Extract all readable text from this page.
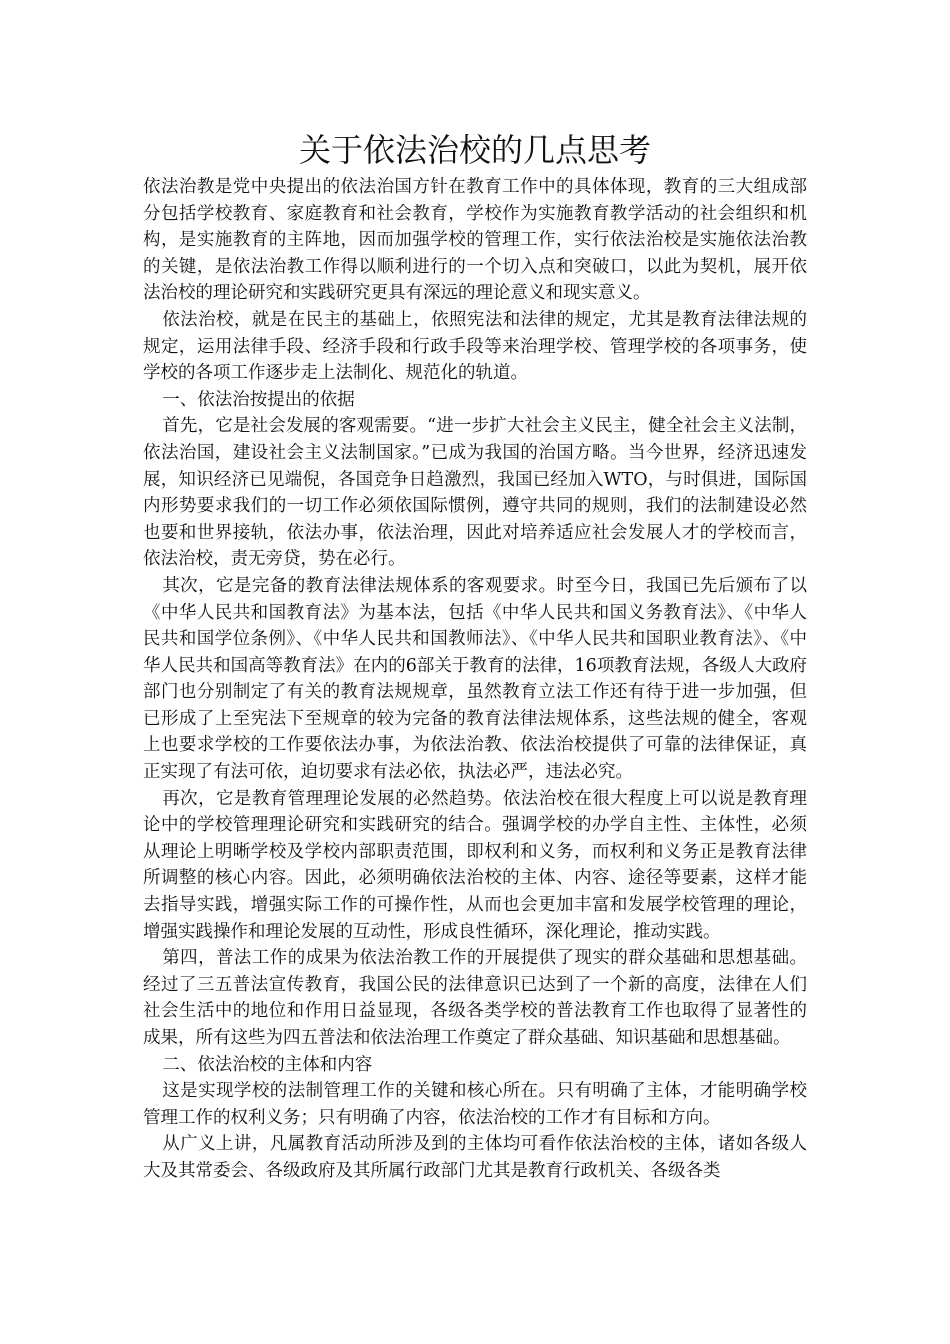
关于依法治校的几点思考

依法治教是党中央提出的依法治国方针在教育工作中的具体体现，教育的三大组成部分包括学校教育、家庭教育和社会教育，学校作为实施教育教学活动的社会组织和机构，是实施教育的主阵地，因而加强学校的管理工作，实行依法治校是实施依法治教的关键，是依法治教工作得以顺利进行的一个切入点和突破口，以此为契机，展开依法治校的理论研究和实践研究更具有深远的理论意义和现实意义。

依法治校，就是在民主的基础上，依照宪法和法律的规定，尤其是教育法律法规的规定，运用法律手段、经济手段和行政手段等来治理学校、管理学校的各项事务，使学校的各项工作逐步走上法制化、规范化的轨道。

一、依法治按提出的依据

首先，它是社会发展的客观需要。“进一步扩大社会主义民主，健全社会主义法制，依法治国，建设社会主义法制国家。”已成为我国的治国方略。当今世界，经济迅速发展，知识经济已见端倪，各国竞争日趋激烈，我国已经加入WTO，与时俱进，国际国内形势要求我们的一切工作必须依国际惯例，遵守共同的规则，我们的法制建设必然也要和世界接轨，依法办事，依法治理，因此对培养适应社会发展人才的学校而言，依法治校，责无旁贷，势在必行。

其次，它是完备的教育法律法规体系的客观要求。时至今日，我国已先后颁布了以《中华人民共和国教育法》为基本法，包括《中华人民共和国义务教育法》、《中华人民共和国学位条例》、《中华人民共和国教师法》、《中华人民共和国职业教育法》、《中华人民共和国高等教育法》在内的6部关于教育的法律，16项教育法规，各级人大政府部门也分别制定了有关的教育法规规章，虽然教育立法工作还有待于进一步加强，但已形成了上至宪法下至规章的较为完备的教育法律法规体系，这些法规的健全，客观上也要求学校的工作要依法办事，为依法治教、依法治校提供了可靠的法律保证，真正实现了有法可依，迫切要求有法必依，执法必严，违法必究。

再次，它是教育管理理论发展的必然趋势。依法治校在很大程度上可以说是教育理论中的学校管理理论研究和实践研究的结合。强调学校的办学自主性、主体性，必须从理论上明晰学校及学校内部职责范围，即权利和义务，而权利和义务正是教育法律所调整的核心内容。因此，必须明确依法治校的主体、内容、途径等要素，这样才能去指导实践，增强实际工作的可操作性，从而也会更加丰富和发展学校管理的理论，增强实践操作和理论发展的互动性，形成良性循环，深化理论，推动实践。

第四，普法工作的成果为依法治教工作的开展提供了现实的群众基础和思想基础。经过了三五普法宣传教育，我国公民的法律意识已达到了一个新的高度，法律在人们社会生活中的地位和作用日益显现，各级各类学校的普法教育工作也取得了显著性的成果，所有这些为四五普法和依法治理工作奠定了群众基础、知识基础和思想基础。

二、依法治校的主体和内容

这是实现学校的法制管理工作的关键和核心所在。只有明确了主体，才能明确学校管理工作的权利义务；只有明确了内容，依法治校的工作才有目标和方向。

从广义上讲，凡属教育活动所涉及到的主体均可看作依法治校的主体，诸如各级人大及其常委会、各级政府及其所属行政部门尤其是教育行政机关、各级各类
